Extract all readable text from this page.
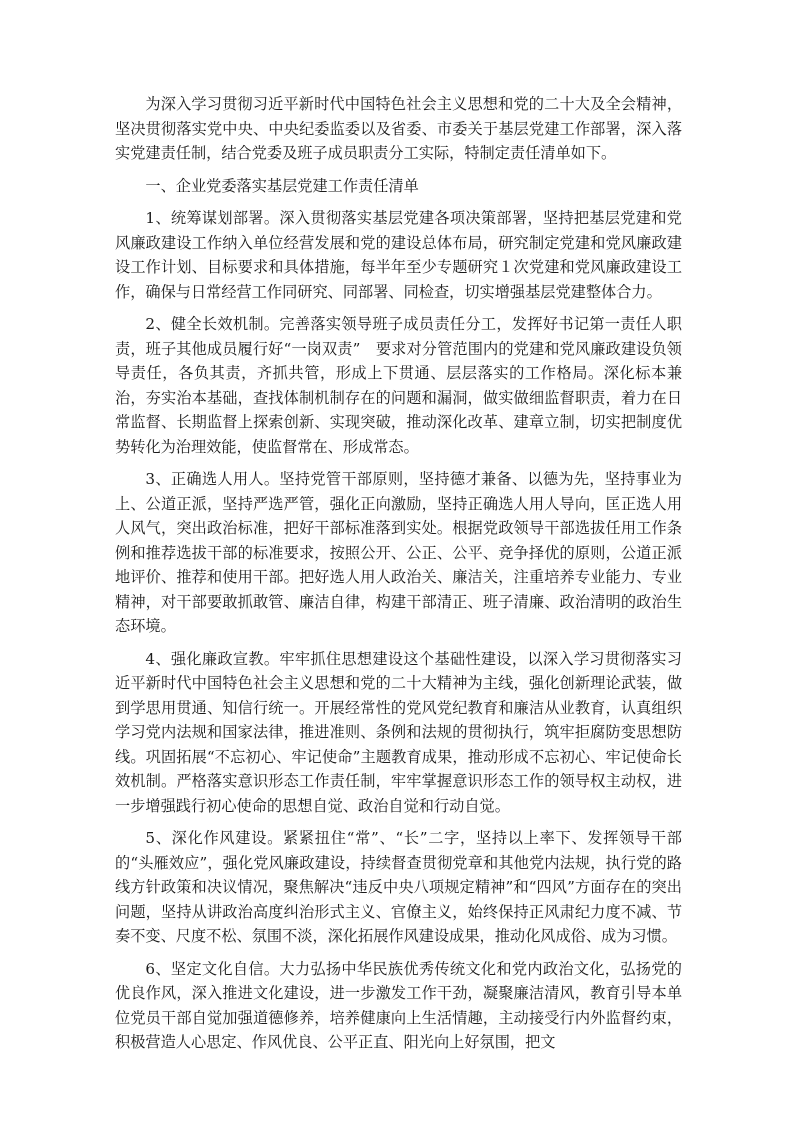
为深入学习贯彻习近平新时代中国特色社会主义思想和党的二十大及全会精神，坚决贯彻落实党中央、中央纪委监委以及省委、市委关于基层党建工作部署，深入落实党建责任制，结合党委及班子成员职责分工实际，特制定责任清单如下。

一、企业党委落实基层党建工作责任清单

1、统筹谋划部署。深入贯彻落实基层党建各项决策部署，坚持把基层党建和党风廉政建设工作纳入单位经营发展和党的建设总体布局，研究制定党建和党风廉政建设工作计划、目标要求和具体措施，每半年至少专题研究１次党建和党风廉政建设工作，确保与日常经营工作同研究、同部署、同检查，切实增强基层党建整体合力。

2、健全长效机制。完善落实领导班子成员责任分工，发挥好书记第一责任人职责，班子其他成员履行好“一岗双责”　要求对分管范围内的党建和党风廉政建设负领导责任，各负其责，齐抓共管，形成上下贯通、层层落实的工作格局。深化标本兼治，夯实治本基础，查找体制机制存在的问题和漏洞，做实做细监督职责，着力在日常监督、长期监督上探索创新、实现突破，推动深化改革、建章立制，切实把制度优势转化为治理效能，使监督常在、形成常态。

3、正确选人用人。坚持党管干部原则，坚持德才兼备、以德为先，坚持事业为上、公道正派，坚持严选严管，强化正向激励，坚持正确选人用人导向，匡正选人用人风气，突出政治标准，把好干部标准落到实处。根据党政领导干部选拔任用工作条例和推荐选拔干部的标准要求，按照公开、公正、公平、竞争择优的原则，公道正派地评价、推荐和使用干部。把好选人用人政治关、廉洁关，注重培养专业能力、专业精神，对干部要敢抓敢管、廉洁自律，构建干部清正、班子清廉、政治清明的政治生态环境。

4、强化廉政宣教。牢牢抓住思想建设这个基础性建设，以深入学习贯彻落实习近平新时代中国特色社会主义思想和党的二十大精神为主线，强化创新理论武装，做到学思用贯通、知信行统一。开展经常性的党风党纪教育和廉洁从业教育，认真组织学习党内法规和国家法律，推进准则、条例和法规的贯彻执行，筑牢拒腐防变思想防线。巩固拓展“不忘初心、牢记使命”主题教育成果，推动形成不忘初心、牢记使命长效机制。严格落实意识形态工作责任制，牢牢掌握意识形态工作的领导权主动权，进一步增强践行初心使命的思想自觉、政治自觉和行动自觉。

5、深化作风建设。紧紧扭住“常”、“长”二字，坚持以上率下、发挥领导干部的“头雁效应”，强化党风廉政建设，持续督查贯彻党章和其他党内法规，执行党的路线方针政策和决议情况，聚焦解决“违反中央八项规定精神”和“四风”方面存在的突出问题，坚持从讲政治高度纠治形式主义、官僚主义，始终保持正风肃纪力度不减、节奏不变、尺度不松、氛围不淡，深化拓展作风建设成果，推动化风成俗、成为习惯。

6、坚定文化自信。大力弘扬中华民族优秀传统文化和党内政治文化，弘扬党的优良作风，深入推进文化建设，进一步激发工作干劲，凝聚廉洁清风，教育引导本单位党员干部自觉加强道德修养，培养健康向上生活情趣，主动接受行内外监督约束，积极营造人心思定、作风优良、公平正直、阳光向上好氛围，把文
